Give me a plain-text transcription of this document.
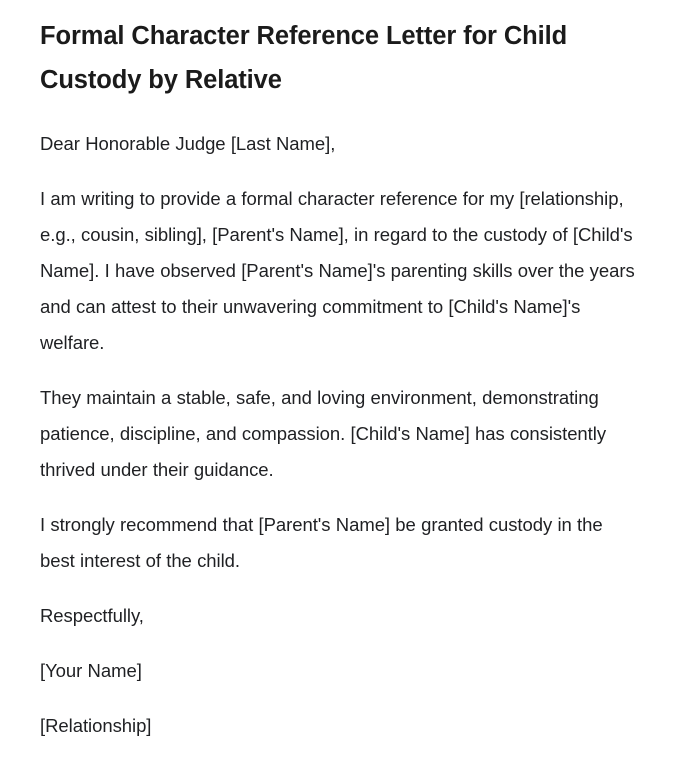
Formal Character Reference Letter for Child Custody by Relative

Dear Honorable Judge [Last Name],

I am writing to provide a formal character reference for my [relationship, e.g., cousin, sibling], [Parent's Name], in regard to the custody of [Child's Name]. I have observed [Parent's Name]'s parenting skills over the years and can attest to their unwavering commitment to [Child's Name]'s welfare.

They maintain a stable, safe, and loving environment, demonstrating patience, discipline, and compassion. [Child's Name] has consistently thrived under their guidance.

I strongly recommend that [Parent's Name] be granted custody in the best interest of the child.

Respectfully,

[Your Name]

[Relationship]
